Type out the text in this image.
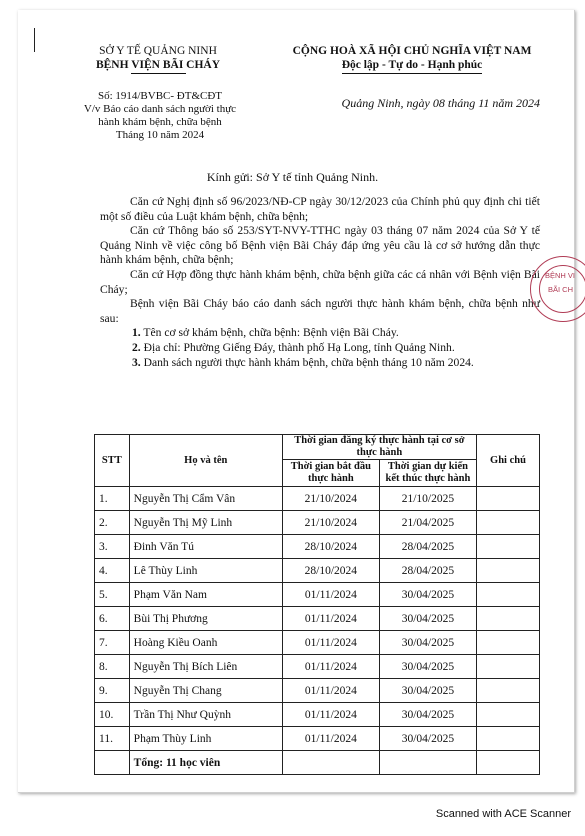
SỞ Y TẾ QUẢNG NINH
BỆNH VIỆN BÃI CHÁY
CỘNG HOÀ XÃ HỘI CHỦ NGHĨA VIỆT NAM
Độc lập - Tự do - Hạnh phúc
Số: 1914/BVBC- ĐT&CĐT
V/v Báo cáo danh sách người thực
hành khám bệnh, chữa bệnh
Tháng 10 năm 2024
Quảng Ninh, ngày 08 tháng 11 năm 2024
Kính gửi: Sở Y tế tỉnh Quảng Ninh.

Căn cứ Nghị định số 96/2023/NĐ-CP ngày 30/12/2023 của Chính phủ quy định chi tiết một số điều của Luật khám bệnh, chữa bệnh;

Căn cứ Thông báo số 253/SYT-NVY-TTHC ngày 03 tháng 07 năm 2024 của Sở Y tế Quảng Ninh về việc công bố Bệnh viện Bãi Cháy đáp ứng yêu cầu là cơ sở hướng dẫn thực hành khám bệnh, chữa bệnh;

Căn cứ Hợp đồng thực hành khám bệnh, chữa bệnh giữa các cá nhân với Bệnh viện Bãi Cháy;

Bệnh viện Bãi Cháy báo cáo danh sách người thực hành khám bệnh, chữa bệnh như sau:

1. Tên cơ sở khám bệnh, chữa bệnh: Bệnh viện Bãi Cháy.

2. Địa chỉ: Phường Giếng Đáy, thành phố Hạ Long, tỉnh Quảng Ninh.

3. Danh sách người thực hành khám bệnh, chữa bệnh tháng 10 năm 2024.

BỆNH VI
BÃI CH
STT	Họ và tên	Thời gian đăng ký thực hành tại cơ sở thực hành		Ghi chú
		Thời gian bắt đầu thực hành	Thời gian dự kiến kết thúc thực hành	
1.	Nguyễn Thị Cẩm Vân	21/10/2024	21/10/2025	
2.	Nguyễn Thị Mỹ Linh	21/10/2024	21/04/2025	
3.	Đinh Văn Tú	28/10/2024	28/04/2025	
4.	Lê Thùy Linh	28/10/2024	28/04/2025	
5.	Phạm Văn Nam	01/11/2024	30/04/2025	
6.	Bùi Thị Phương	01/11/2024	30/04/2025	
7.	Hoàng Kiều Oanh	01/11/2024	30/04/2025	
8.	Nguyễn Thị Bích Liên	01/11/2024	30/04/2025	
9.	Nguyễn Thị Chang	01/11/2024	30/04/2025	
10.	Trần Thị Như Quỳnh	01/11/2024	30/04/2025	
11.	Phạm Thùy Linh	01/11/2024	30/04/2025	
	Tổng: 11 học viên			
Scanned with ACE Scanner
